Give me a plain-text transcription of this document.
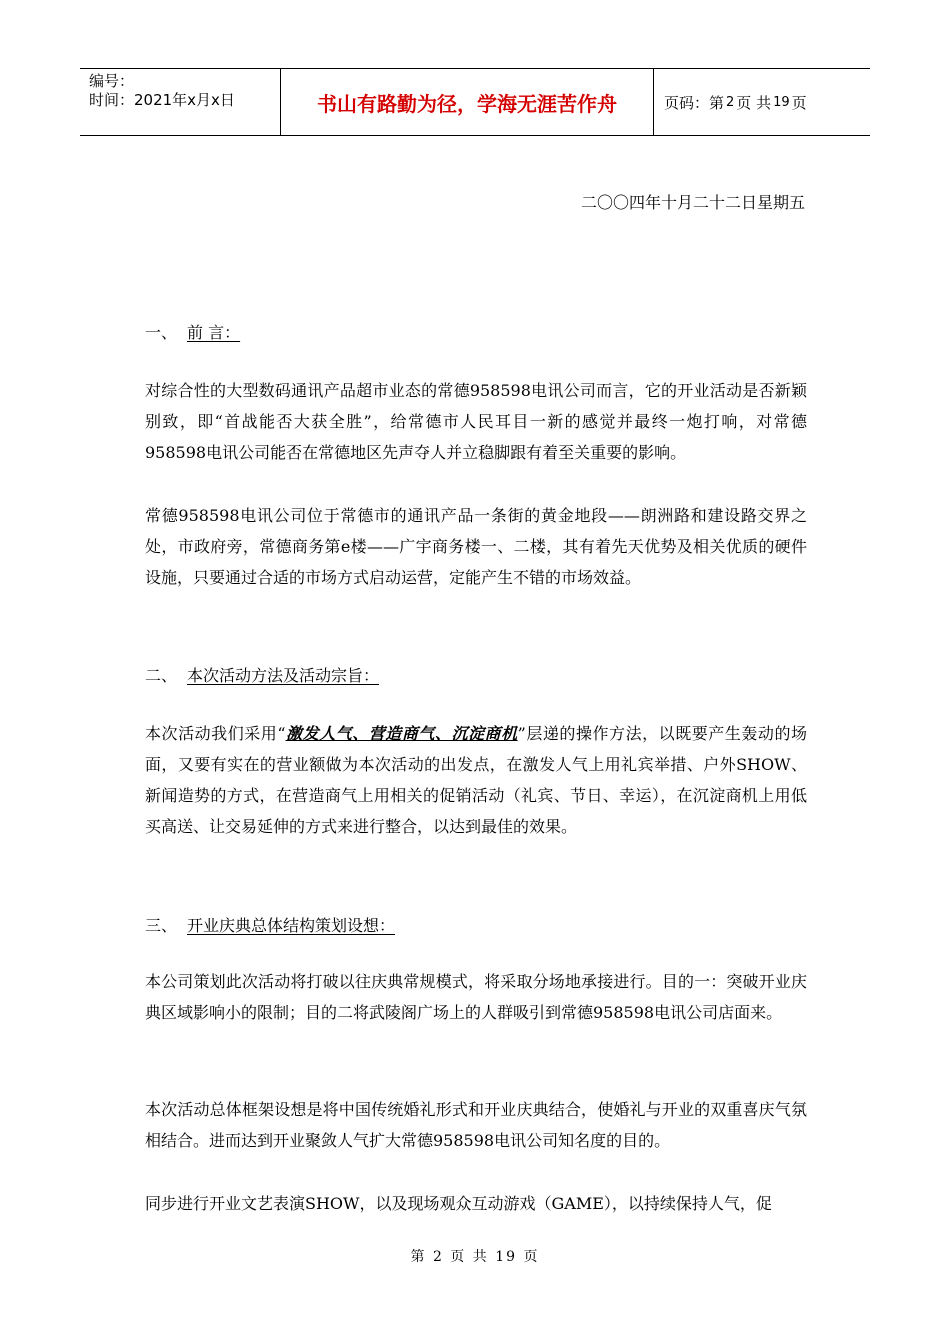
编号：
时间：2021年x月x日	书山有路勤为径，学海无涯苦作舟	页码：第 2 页 共 19 页
二〇〇四年十月二十二日星期五
一、 前 言：
对综合性的大型数码通讯产品超市业态的常德958598电讯公司而言，它的开业活动是否新颖别致，即“首战能否大获全胜”，给常德市人民耳目一新的感觉并最终一炮打响，对常德958598电讯公司能否在常德地区先声夺人并立稳脚跟有着至关重要的影响。
常德958598电讯公司位于常德市的通讯产品一条街的黄金地段——朗洲路和建设路交界之处，市政府旁，常德商务第e楼——广宇商务楼一、二楼，其有着先天优势及相关优质的硬件设施，只要通过合适的市场方式启动运营，定能产生不错的市场效益。
二、 本次活动方法及活动宗旨：
本次活动我们采用“激发人气、营造商气、沉淀商机”层递的操作方法，以既要产生轰动的场面，又要有实在的营业额做为本次活动的出发点，在激发人气上用礼宾举措、户外SHOW、新闻造势的方式，在营造商气上用相关的促销活动（礼宾、节日、幸运），在沉淀商机上用低买高送、让交易延伸的方式来进行整合，以达到最佳的效果。
三、 开业庆典总体结构策划设想：
本公司策划此次活动将打破以往庆典常规模式，将采取分场地承接进行。目的一：突破开业庆典区域影响小的限制；目的二将武陵阁广场上的人群吸引到常德958598电讯公司店面来。
本次活动总体框架设想是将中国传统婚礼形式和开业庆典结合，使婚礼与开业的双重喜庆气氛相结合。进而达到开业聚敛人气扩大常德958598电讯公司知名度的目的。
同步进行开业文艺表演SHOW，以及现场观众互动游戏（GAME），以持续保持人气，促
第 2 页 共 19 页
